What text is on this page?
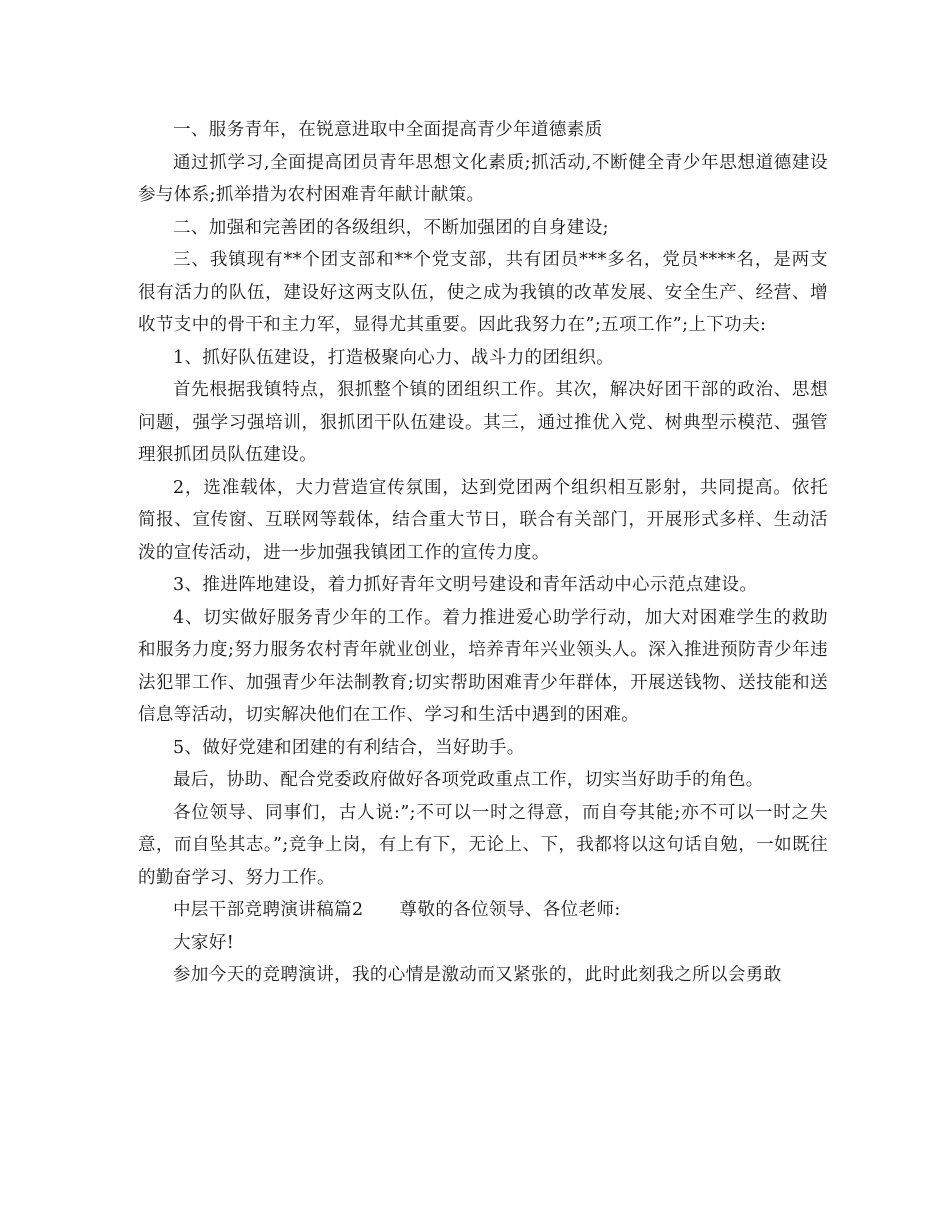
一、服务青年，在锐意进取中全面提高青少年道德素质

通过抓学习,全面提高团员青年思想文化素质;抓活动,不断健全青少年思想道德建设参与体系;抓举措为农村困难青年献计献策。

二、加强和完善团的各级组织，不断加强团的自身建设;

三、我镇现有**个团支部和**个党支部，共有团员***多名，党员****名，是两支很有活力的队伍，建设好这两支队伍，使之成为我镇的改革发展、安全生产、经营、增收节支中的骨干和主力军，显得尤其重要。因此我努力在”;五项工作”;上下功夫:

1、抓好队伍建设，打造极聚向心力、战斗力的团组织。

首先根据我镇特点，狠抓整个镇的团组织工作。其次，解决好团干部的政治、思想问题，强学习强培训，狠抓团干队伍建设。其三，通过推优入党、树典型示模范、强管理狠抓团员队伍建设。

2，选准载体，大力营造宣传氛围，达到党团两个组织相互影射，共同提高。依托简报、宣传窗、互联网等载体，结合重大节日，联合有关部门，开展形式多样、生动活泼的宣传活动，进一步加强我镇团工作的宣传力度。

3、推进阵地建设，着力抓好青年文明号建设和青年活动中心示范点建设。

4、切实做好服务青少年的工作。着力推进爱心助学行动，加大对困难学生的救助和服务力度;努力服务农村青年就业创业，培养青年兴业领头人。深入推进预防青少年违法犯罪工作、加强青少年法制教育;切实帮助困难青少年群体，开展送钱物、送技能和送信息等活动，切实解决他们在工作、学习和生活中遇到的困难。

5、做好党建和团建的有利结合，当好助手。

最后，协助、配合党委政府做好各项党政重点工作，切实当好助手的角色。

各位领导、同事们，古人说:”;不可以一时之得意，而自夸其能;亦不可以一时之失意，而自坠其志。”;竞争上岗，有上有下，无论上、下，我都将以这句话自勉，一如既往的勤奋学习、努力工作。

中层干部竞聘演讲稿篇2 尊敬的各位领导、各位老师:

大家好!

参加今天的竞聘演讲，我的心情是激动而又紧张的，此时此刻我之所以会勇敢
